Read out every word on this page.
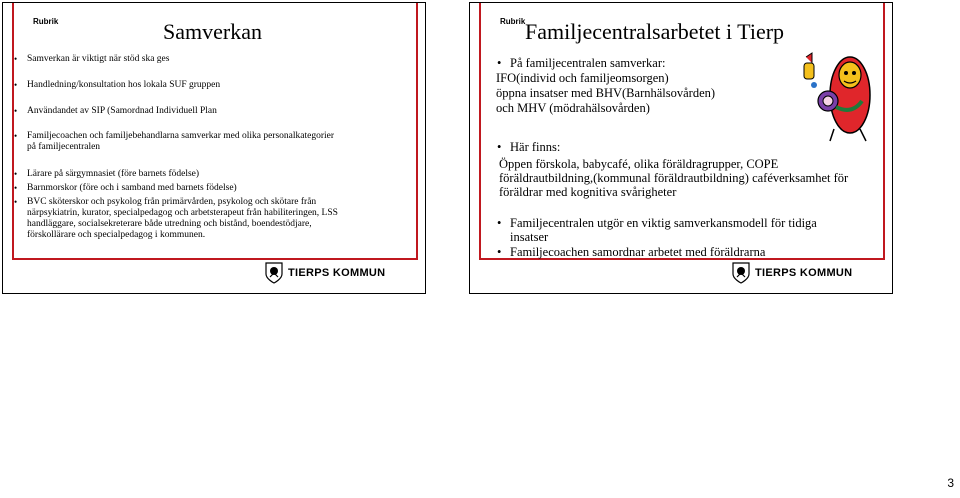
Rubrik	Samverkan
• Samverkan är viktigt när stöd ska ges
• Handledning/konsultation hos lokala SUF gruppen
• Användandet av SIP (Samordnad Individuell Plan
• Familjecoachen och familjebehandlarna samverkar med olika personalkategorier
på familjecentralen
• Lärare på särgymnasiet (före barnets födelse)
• Barnmorskor (före och i samband med barnets födelse)
• BVC sköterskor och psykolog från primärvården, psykolog och skötare från
närpsykiatrin, kurator, specialpedagog och arbetsterapeut från habiliteringen, LSS
handläggare, socialsekreterare både utredning och bistånd, boendestödjare,
förskollärare och specialpedagog i kommunen.
TIERPS KOMMUN
Rubrik Familjecentralsarbetet i Tierp
• På familjecentralen samverkar:
IFO(individ och familjeomsorgen)
öppna insatser med BHV(Barnhälsovården)
och MHV (mödrahälsovården)
• Här finns:
Öppen förskola, babycafé, olika föräldragrupper, COPE
föräldrautbildning,(kommunal föräldrautbildning) caféverksamhet för
föräldrar med kognitiva svårigheter
• Familjecentralen utgör en viktig samverkansmodell för tidiga
insatser
• Familjecoachen samordnar arbetet med föräldrarna
TIERPS KOMMUN
3
